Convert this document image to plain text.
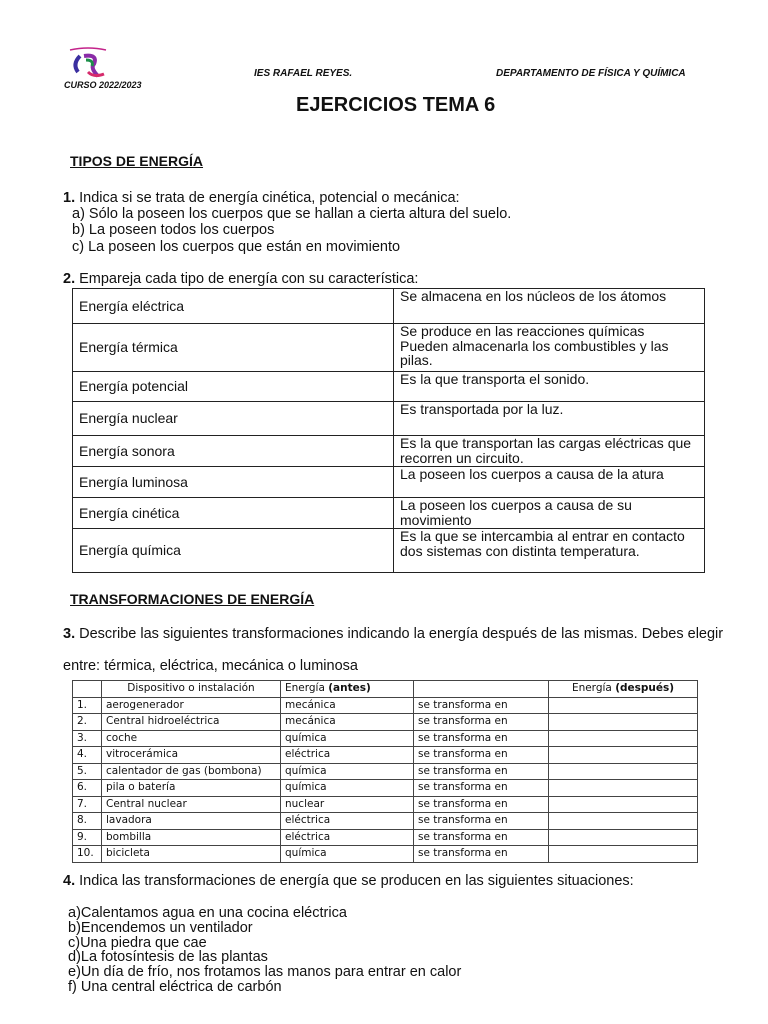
CURSO 2022/2023
IES RAFAEL REYES.	DEPARTAMENTO DE FÍSICA Y QUÍMICA
EJERCICIOS TEMA 6
TIPOS DE ENERGÍA
1. Indica si se trata de energía cinética, potencial o mecánica:
a) Sólo la poseen los cuerpos que se hallan a cierta altura del suelo.
b) La poseen todos los cuerpos
c) La poseen los cuerpos que están en movimiento
2. Empareja cada tipo de energía con su característica:
Energía eléctrica	Se almacena en los núcleos de los átomos
Energía térmica	Se produce en las reacciones químicas
Pueden almacenarla los combustibles y las pilas.

Energía potencial	Es la que transporta el sonido.
Energía nuclear	Es transportada por la luz.
Energía sonora	Es la que transportan las cargas eléctricas que recorren un circuito.
Energía luminosa	La poseen los cuerpos a causa de la atura
Energía cinética	La poseen los cuerpos a causa de su movimiento
Energía química	Es la que se intercambia al entrar en contacto dos sistemas con distinta temperatura.
TRANSFORMACIONES DE ENERGÍA
3. Describe las siguientes transformaciones indicando la energía después de las mismas. Debes elegir
entre: térmica, eléctrica, mecánica o luminosa
	Dispositivo o instalación	Energía (antes)		Energía (después)
1.	aerogenerador	mecánica	se transforma en	
2.	Central hidroeléctrica	mecánica	se transforma en	
3.	coche	química	se transforma en	
4.	vitrocerámica	eléctrica	se transforma en	
5.	calentador de gas (bombona)	química	se transforma en	
6.	pila o batería	química	se transforma en	
7.	Central nuclear	nuclear	se transforma en	
8.	lavadora	eléctrica	se transforma en	
9.	bombilla	eléctrica	se transforma en	
10.	bicicleta	química	se transforma en	
4. Indica las transformaciones de energía que se producen en las siguientes situaciones:
a)Calentamos agua en una cocina eléctrica
b)Encendemos un ventilador
c)Una piedra que cae
d)La fotosíntesis de las plantas
e)Un día de frío, nos frotamos las manos para entrar en calor
f) Una central eléctrica de carbón
